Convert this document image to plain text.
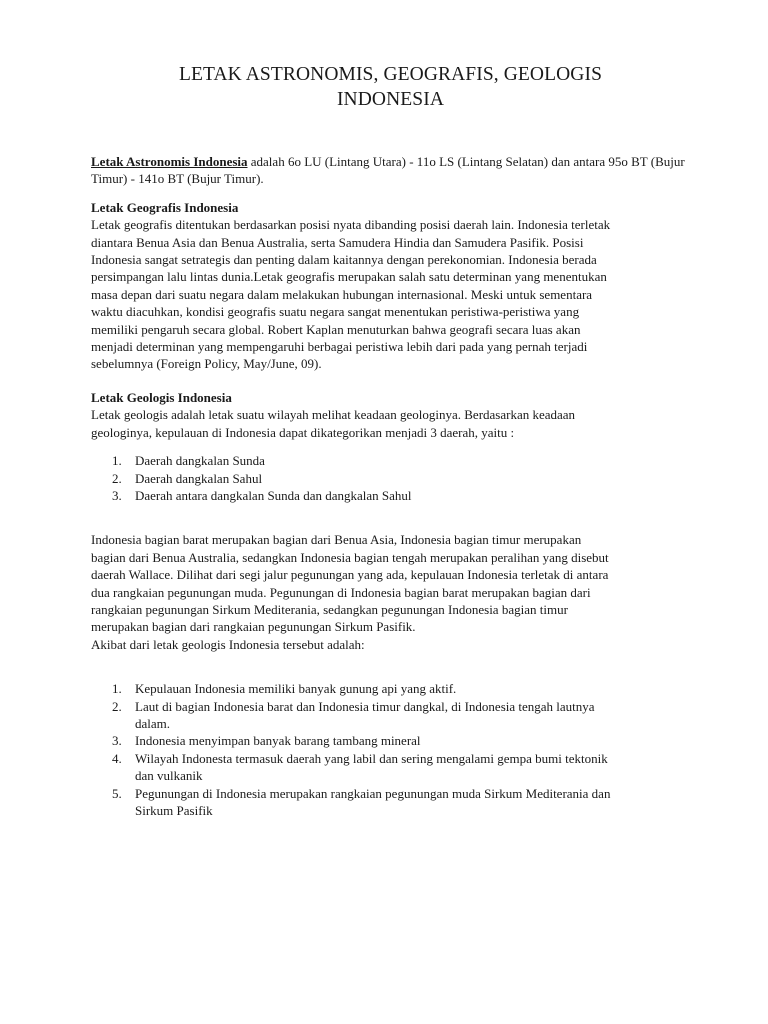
LETAK ASTRONOMIS, GEOGRAFIS, GEOLOGIS
INDONESIA

Letak Astronomis Indonesia adalah 6o LU (Lintang Utara) - 11o LS (Lintang Selatan) dan antara 95o BT (Bujur Timur) - 141o BT (Bujur Timur).

Letak Geografis Indonesia
Letak geografis ditentukan berdasarkan posisi nyata dibanding posisi daerah lain. Indonesia terletak
diantara Benua Asia dan Benua Australia, serta Samudera Hindia dan Samudera Pasifik. Posisi
Indonesia sangat setrategis dan penting dalam kaitannya dengan perekonomian. Indonesia berada
persimpangan lalu lintas dunia.Letak geografis merupakan salah satu determinan yang menentukan
masa depan dari suatu negara dalam melakukan hubungan internasional. Meski untuk sementara
waktu diacuhkan, kondisi geografis suatu negara sangat menentukan peristiwa-peristiwa yang
memiliki pengaruh secara global. Robert Kaplan menuturkan bahwa geografi secara luas akan
menjadi determinan yang mempengaruhi berbagai peristiwa lebih dari pada yang pernah terjadi
sebelumnya (Foreign Policy, May/June, 09).
Letak Geologis Indonesia
Letak geologis adalah letak suatu wilayah melihat keadaan geologinya. Berdasarkan keadaan
geologinya, kepulauan di Indonesia dapat dikategorikan menjadi 3 daerah, yaitu :
1. Daerah dangkalan Sunda
2. Daerah dangkalan Sahul
3. Daerah antara dangkalan Sunda dan dangkalan Sahul
Indonesia bagian barat merupakan bagian dari Benua Asia, Indonesia bagian timur merupakan
bagian dari Benua Australia, sedangkan Indonesia bagian tengah merupakan peralihan yang disebut
daerah Wallace. Dilihat dari segi jalur pegunungan yang ada, kepulauan Indonesia terletak di antara
dua rangkaian pegunungan muda. Pegunungan di Indonesia bagian barat merupakan bagian dari
rangkaian pegunungan Sirkum Mediterania, sedangkan pegunungan Indonesia bagian timur
merupakan bagian dari rangkaian pegunungan Sirkum Pasifik.
Akibat dari letak geologis Indonesia tersebut adalah:
1. Kepulauan Indonesia memiliki banyak gunung api yang aktif.
2. Laut di bagian Indonesia barat dan Indonesia timur dangkal, di Indonesia tengah lautnya
dalam.
3. Indonesia menyimpan banyak barang tambang mineral
4. Wilayah Indonesta termasuk daerah yang labil dan sering mengalami gempa bumi tektonik
dan vulkanik
5. Pegunungan di Indonesia merupakan rangkaian pegunungan muda Sirkum Mediterania dan
Sirkum Pasifik
